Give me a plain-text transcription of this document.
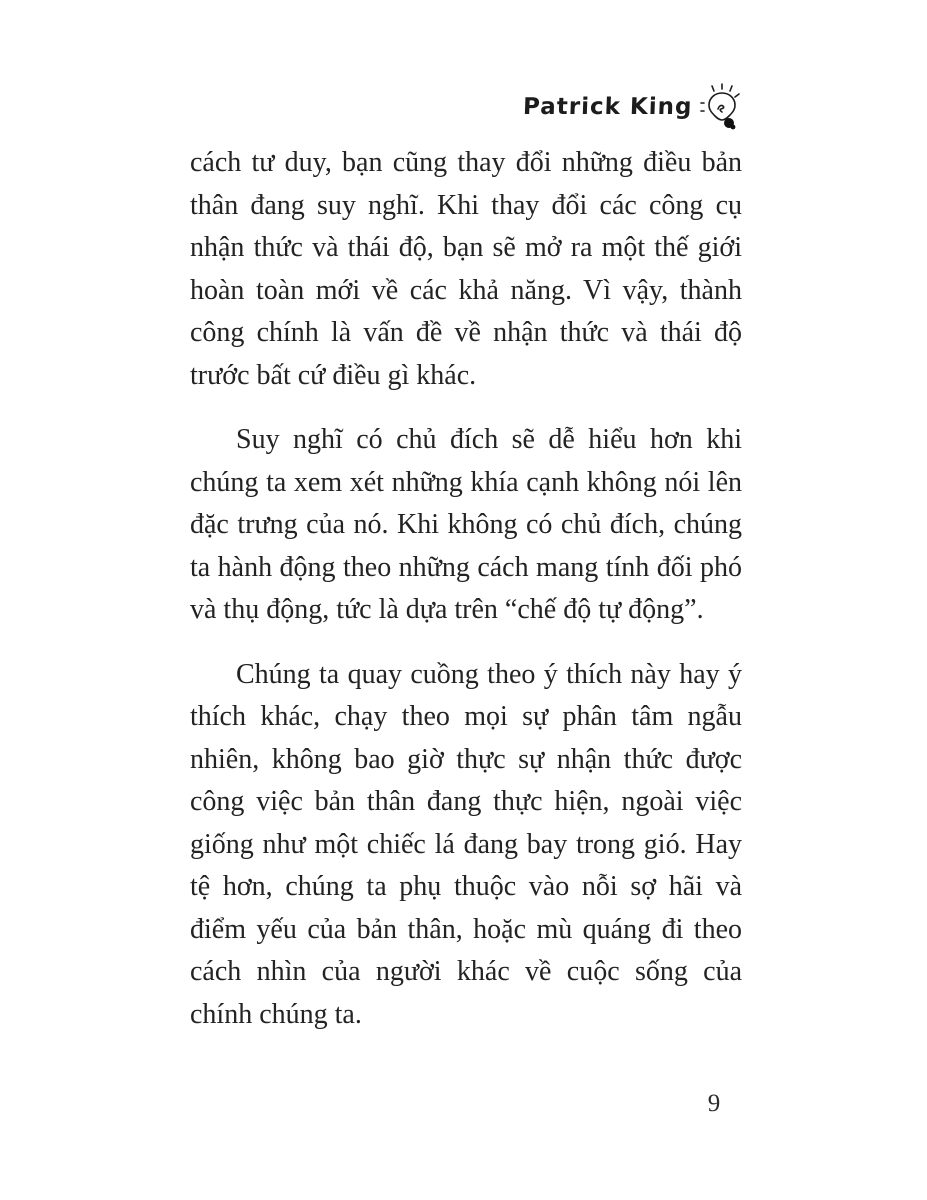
Patrick King

cách tư duy, bạn cũng thay đổi những điều bản thân đang suy nghĩ. Khi thay đổi các công cụ nhận thức và thái độ, bạn sẽ mở ra một thế giới hoàn toàn mới về các khả năng. Vì vậy, thành công chính là vấn đề về nhận thức và thái độ trước bất cứ điều gì khác.

Suy nghĩ có chủ đích sẽ dễ hiểu hơn khi chúng ta xem xét những khía cạnh không nói lên đặc trưng của nó. Khi không có chủ đích, chúng ta hành động theo những cách mang tính đối phó và thụ động, tức là dựa trên “chế độ tự động”.

Chúng ta quay cuồng theo ý thích này hay ý thích khác, chạy theo mọi sự phân tâm ngẫu nhiên, không bao giờ thực sự nhận thức được công việc bản thân đang thực hiện, ngoài việc giống như một chiếc lá đang bay trong gió. Hay tệ hơn, chúng ta phụ thuộc vào nỗi sợ hãi và điểm yếu của bản thân, hoặc mù quáng đi theo cách nhìn của người khác về cuộc sống của chính chúng ta.

9
